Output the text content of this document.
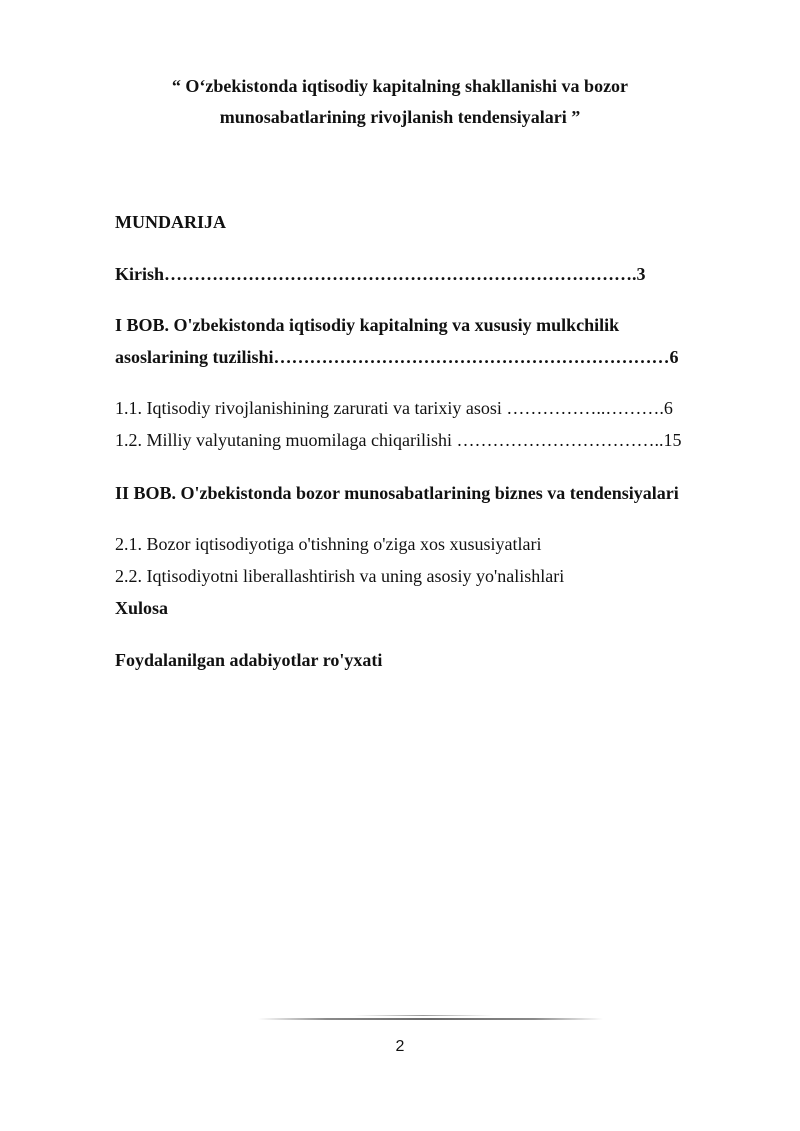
“ O‘zbekistonda iqtisodiy kapitalning shakllanishi va bozor
munosabatlarining rivojlanish tendensiyalari ”
MUNDARIJA
Kirish…………………………………………………………………….3
I BOB. O'zbekistonda iqtisodiy kapitalning va xususiy mulkchilik
asoslarining tuzilishi…………………………………………………………6
1.1. Iqtisodiy rivojlanishining zarurati va tarixiy asosi ……………..……….6
1.2. Milliy valyutaning muomilaga chiqarilishi ……………………………..15
II BOB. O'zbekistonda bozor munosabatlarining biznes va tendensiyalari
2.1. Bozor iqtisodiyotiga o'tishning o'ziga xos xususiyatlari
2.2. Iqtisodiyotni liberallashtirish va uning asosiy yo'nalishlari
Xulosa
Foydalanilgan adabiyotlar ro'yxati
2
